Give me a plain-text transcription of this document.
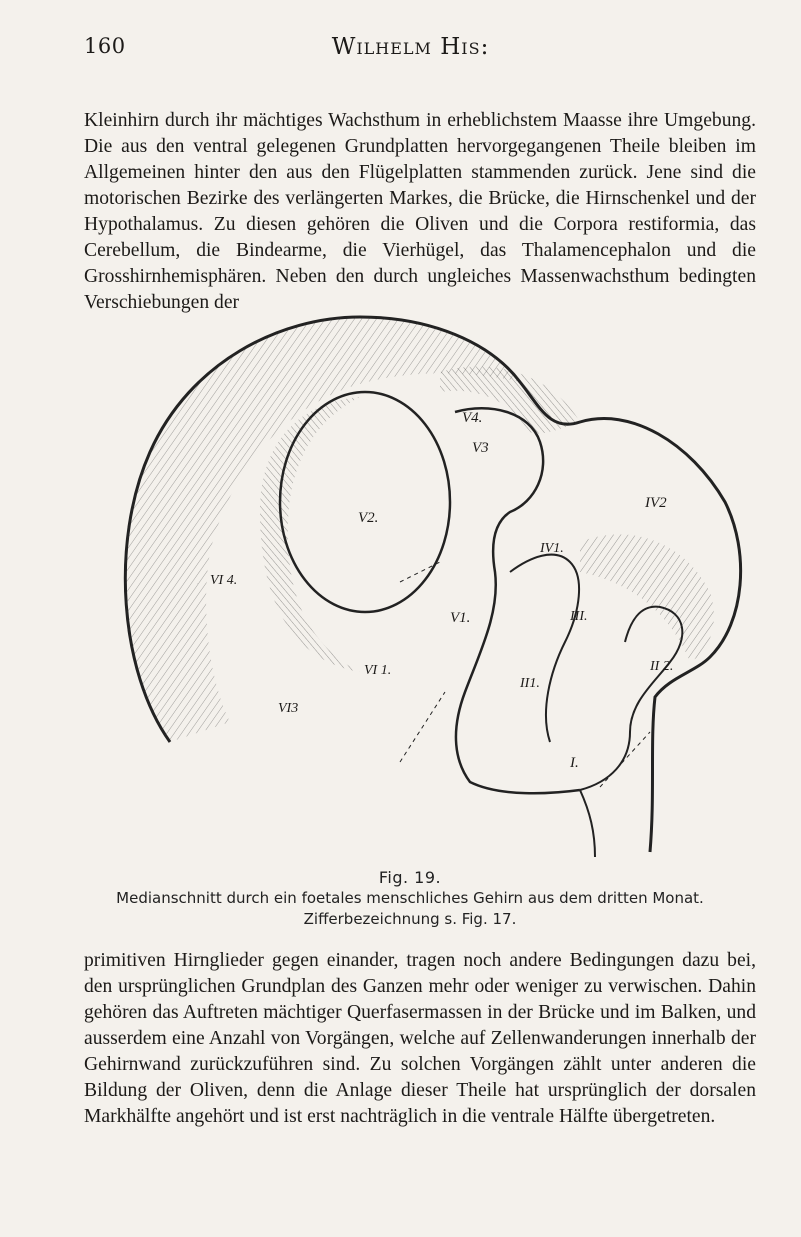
160	Wilhelm His:

Kleinhirn durch ihr mächtiges Wachsthum in erheblichstem Maasse ihre Umgebung. Die aus den ventral gelegenen Grundplatten hervorgegangenen Theile bleiben im Allgemeinen hinter den aus den Flügelplatten stammenden zurück. Jene sind die motorischen Bezirke des verlängerten Markes, die Brücke, die Hirnschenkel und der Hypothalamus. Zu diesen gehören die Oliven und die Corpora restiformia, das Cerebellum, die Bindearme, die Vierhügel, das Thalamencephalon und die Grosshirnhemisphären. Neben den durch ungleiches Massenwachsthum bedingten Verschiebungen der

V4.
V3
V2.
IV2
IV1.
VI 4.
V1.	III.
VI 1.	II 2.
II1.
VI3
I.
Fig. 19.
Medianschnitt durch ein foetales menschliches Gehirn aus dem dritten Monat.
Zifferbezeichnung s. Fig. 17.

primitiven Hirnglieder gegen einander, tragen noch andere Bedingungen dazu bei, den ursprünglichen Grundplan des Ganzen mehr oder weniger zu verwischen. Dahin gehören das Auftreten mächtiger Querfasermassen in der Brücke und im Balken, und ausserdem eine Anzahl von Vorgängen, welche auf Zellenwanderungen innerhalb der Gehirnwand zurückzuführen sind. Zu solchen Vorgängen zählt unter anderen die Bildung der Oliven, denn die Anlage dieser Theile hat ursprünglich der dorsalen Markhälfte angehört und ist erst nachträglich in die ventrale Hälfte übergetreten.
